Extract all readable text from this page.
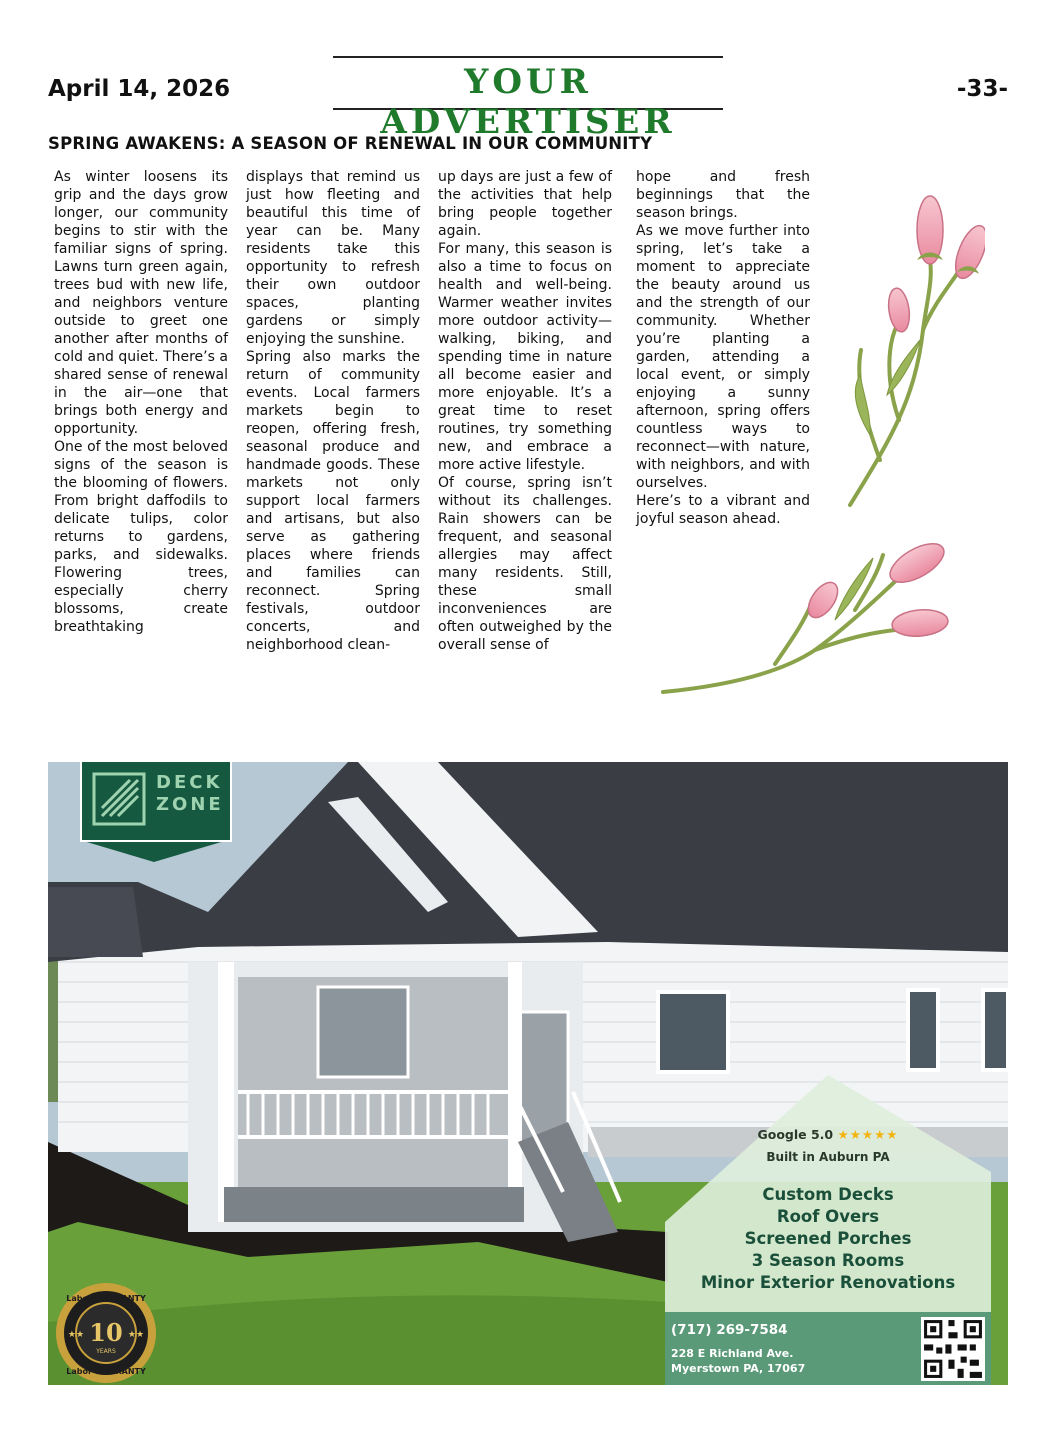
April 14, 2026	YOUR ADVERTISER
-33-
SPRING AWAKENS: A SEASON OF RENEWAL IN OUR COMMUNITY

As winter loosens its grip and the days grow longer, our community begins to stir with the familiar signs of spring. Lawns turn green again, trees bud with new life, and neighbors venture outside to greet one another after months of cold and quiet. There’s a shared sense of renewal in the air—one that brings both energy and opportunity.

One of the most beloved signs of the season is the blooming of flowers. From bright daffodils to delicate tulips, color returns to gardens, parks, and sidewalks. Flowering trees, especially cherry blossoms, create breathtaking

displays that remind us just how fleeting and beautiful this time of year can be. Many residents take this opportunity to refresh their own outdoor spaces, planting gardens or simply enjoying the sunshine.

Spring also marks the return of community events. Local farmers markets begin to reopen, offering fresh, seasonal produce and handmade goods. These markets not only support local farmers and artisans, but also serve as gathering places where friends and families can reconnect. Spring festivals, outdoor concerts, and neighborhood clean-

up days are just a few of the activities that help bring people together again.

For many, this season is also a time to focus on health and well-being. Warmer weather invites more outdoor activity—walking, biking, and spending time in nature all become easier and more enjoyable. It’s a great time to reset routines, try something new, and embrace a more active lifestyle.

Of course, spring isn’t without its challenges. Rain showers can be frequent, and seasonal allergies may affect many residents. Still, these small inconveniences are often outweighed by the overall sense of

hope and fresh beginnings that the season brings.

As we move further into spring, let’s take a moment to appreciate the beauty around us and the strength of our community. Whether you’re planting a garden, attending a local event, or simply enjoying a sunny afternoon, spring offers countless ways to reconnect—with nature, with neighbors, and with ourselves.

Here’s to a vibrant and joyful season ahead.

DECK
ZONE
Labor WARRANTY
Labor WARRANTY
10
YEARS
★★	★★
Google 5.0 ★★★★★
Built in Auburn PA
Custom Decks
Roof Overs
Screened Porches
3 Season Rooms
Minor Exterior Renovations
(717) 269-7584
228 E Richland Ave.
Myerstown PA, 17067
